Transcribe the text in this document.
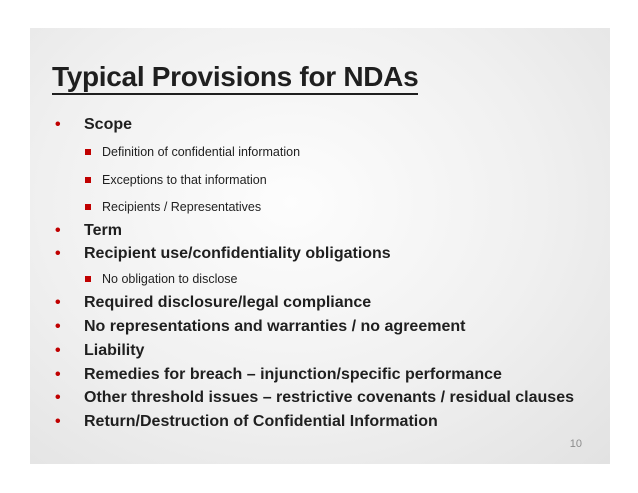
Typical Provisions for NDAs
• Scope
Definition of confidential information
Exceptions to that information
Recipients / Representatives
• Term
• Recipient use/confidentiality obligations
No obligation to disclose
• Required disclosure/legal compliance
• No representations and warranties / no agreement
• Liability
• Remedies for breach – injunction/specific performance
• Other threshold issues – restrictive covenants / residual clauses
• Return/Destruction of Confidential Information
10
